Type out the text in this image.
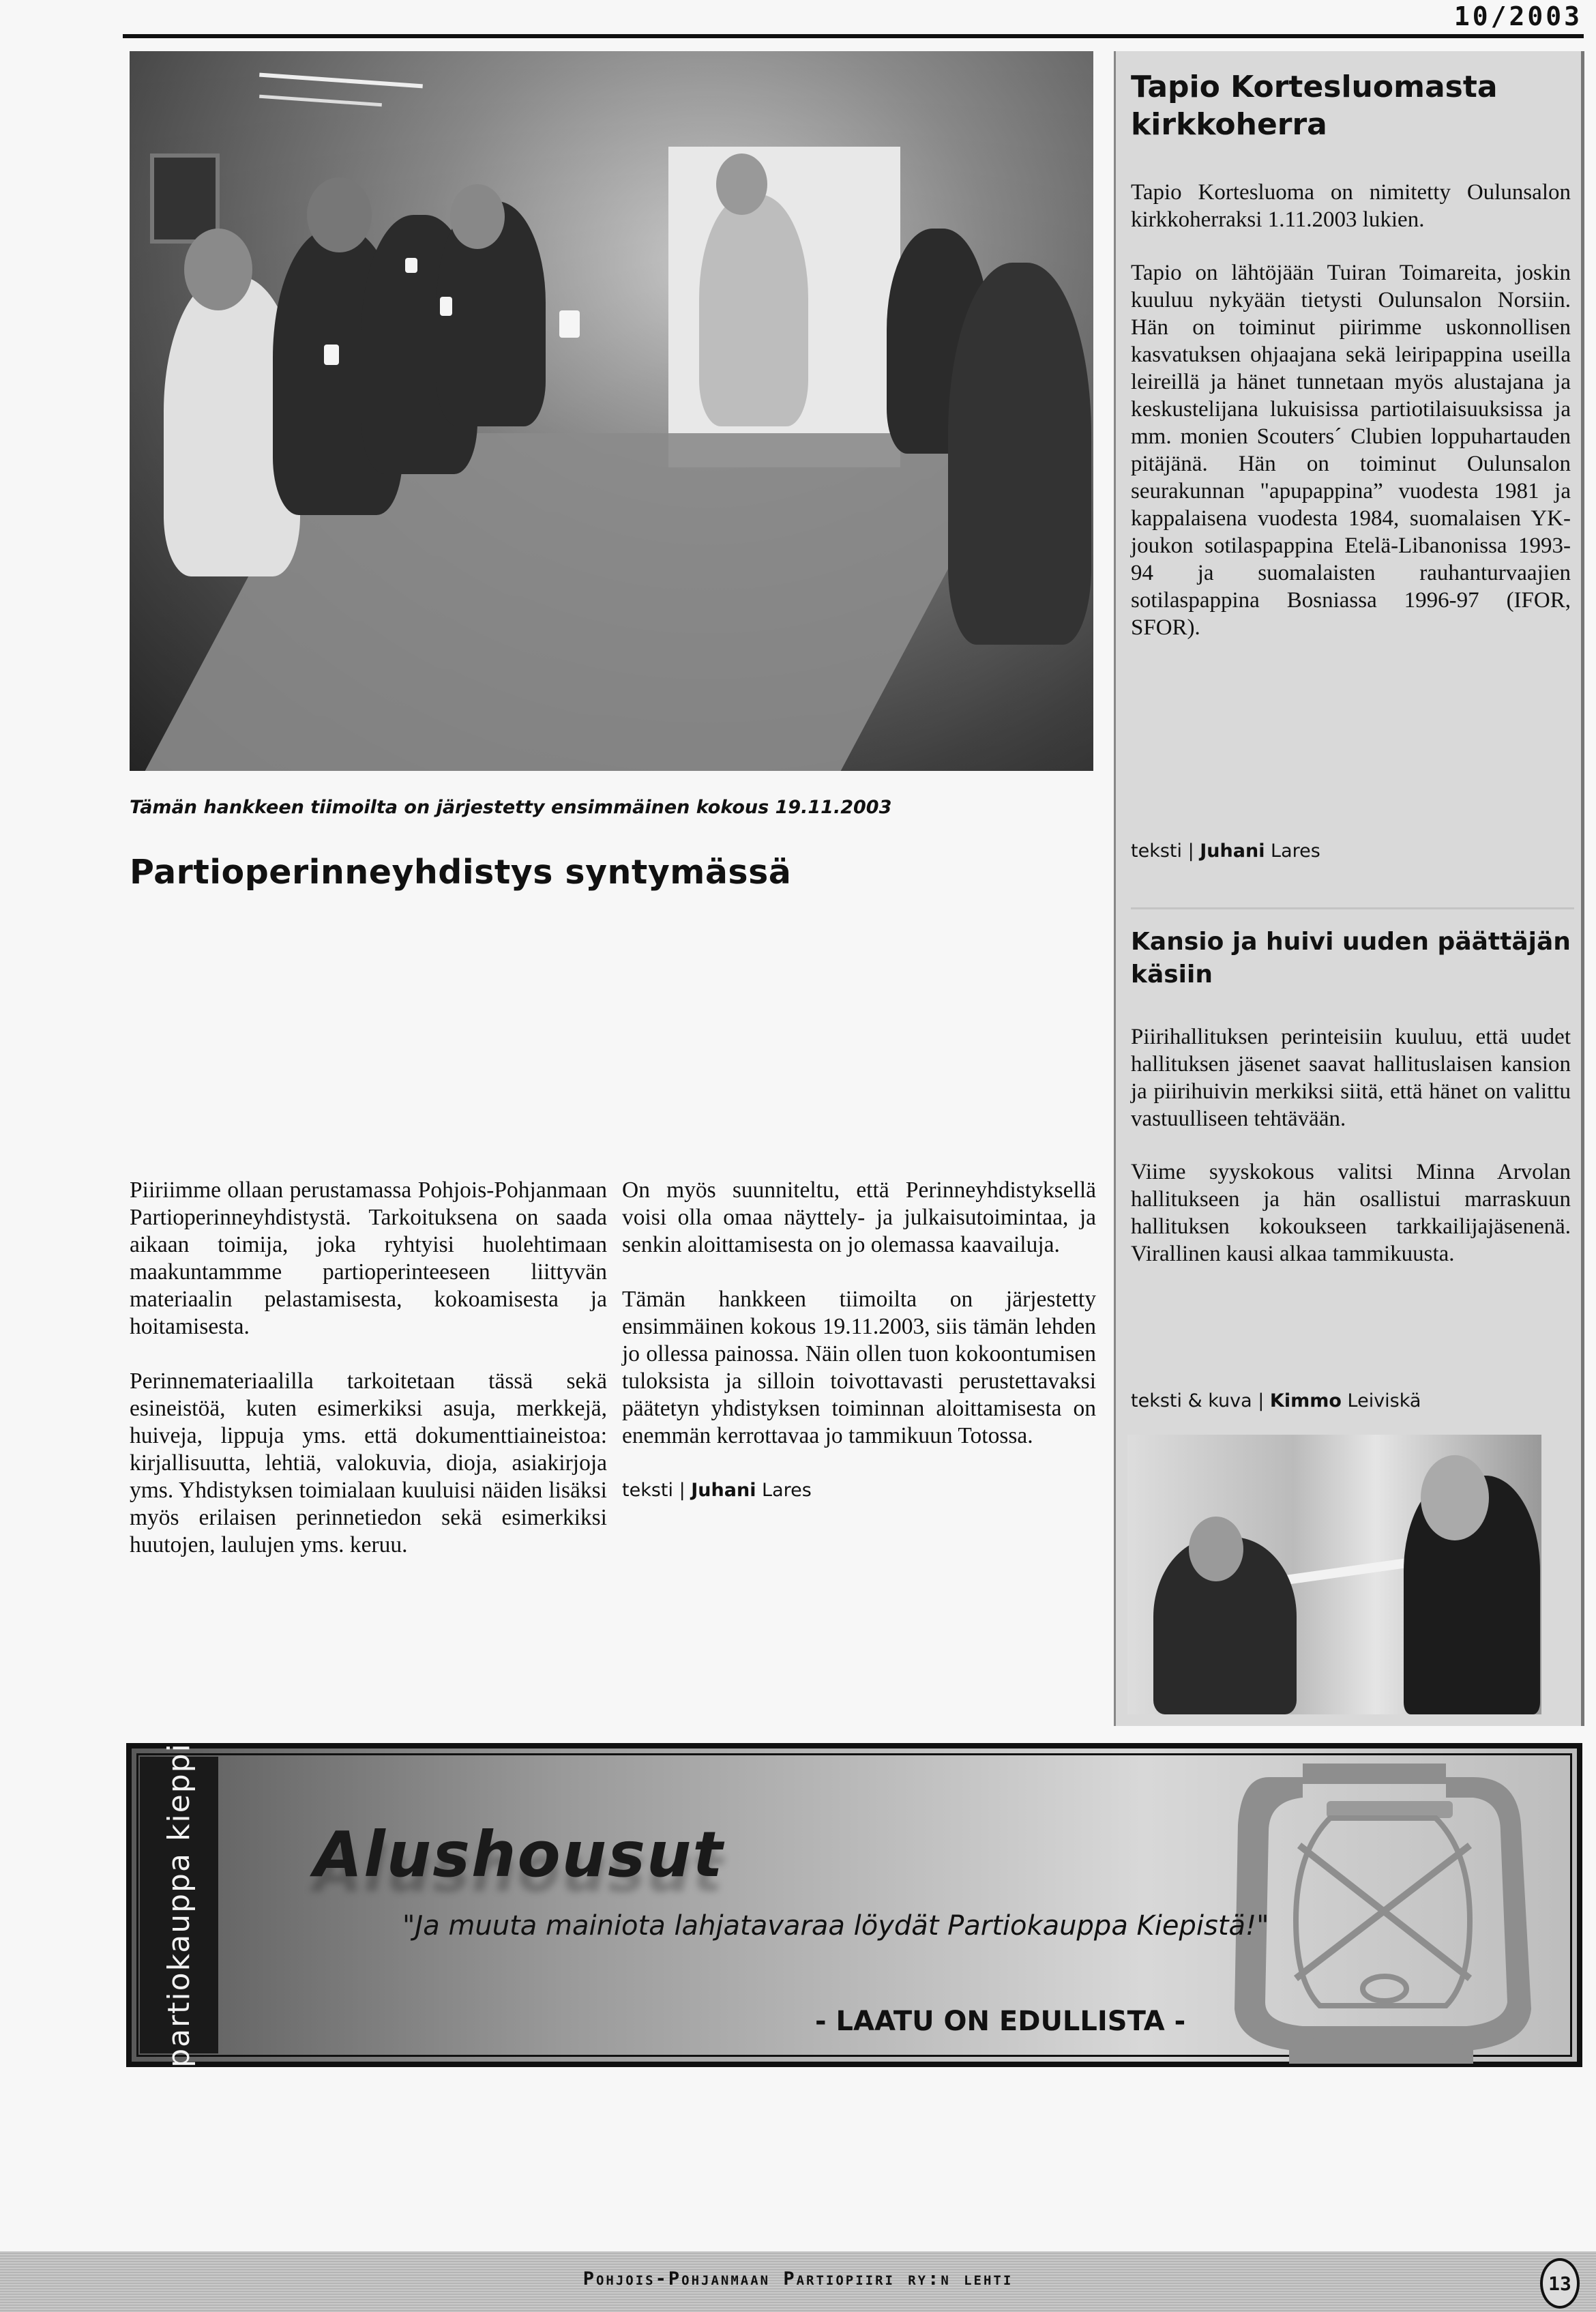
10/2003
Tämän hankkeen tiimoilta on järjestetty ensimmäinen kokous 19.11.2003
Partioperinneyhdistys syntymässä

Piiriimme ollaan perustamassa Pohjois-Pohjanmaan Partioperinneyhdistystä. Tarkoituksena on saada aikaan toimija, joka ryhtyisi huolehtimaan maakuntammme partioperinteeseen liittyvän materiaalin pelastamisesta, kokoamisesta ja hoitamisesta.

Perinnemateriaalilla tarkoitetaan tässä sekä esineistöä, kuten esimerkiksi asuja, merkkejä, huiveja, lippuja yms. että dokumenttiaineistoa: kirjallisuutta, lehtiä, valokuvia, dioja, asiakirjoja yms. Yhdistyksen toimialaan kuuluisi näiden lisäksi myös erilaisen perinnetiedon sekä esimerkiksi huutojen, laulujen yms. keruu.

On myös suunniteltu, että Perinneyhdistyksellä voisi olla omaa näyttely- ja julkaisutoimintaa, ja senkin aloittamisesta on jo olemassa kaavailuja.

Tämän hankkeen tiimoilta on järjestetty ensimmäinen kokous 19.11.2003, siis tämän lehden jo ollessa painossa. Näin ollen tuon kokoontumisen tuloksista ja silloin toivottavasti perustettavaksi päätetyn yhdistyksen toiminnan aloittamisesta on enemmän kerrottavaa jo tammikuun Totossa.

teksti | Juhani Lares
Tapio Kortesluomasta kirkkoherra

Tapio Kortesluoma on nimitetty Oulunsalon kirkkoherraksi 1.11.2003 lukien.

Tapio on lähtöjään Tuiran Toimareita, joskin kuuluu nykyään tietysti Oulunsalon Norsiin. Hän on toiminut piirimme uskonnollisen kasvatuksen ohjaajana sekä leiripappina useilla leireillä ja hänet tunnetaan myös alustajana ja keskustelijana lukuisissa partiotilaisuuksissa ja mm. monien Scouters´ Clubien loppuhartauden pitäjänä. Hän on toiminut Oulunsalon seurakunnan "apupappina” vuodesta 1981 ja kappalaisena vuodesta 1984, suomalaisen YK-joukon sotilaspappina Etelä-Libanonissa 1993-94 ja suomalaisten rauhanturvaajien sotilaspappina Bosniassa 1996-97 (IFOR, SFOR).

teksti | Juhani Lares
Kansio ja huivi uuden päättäjän käsiin

Piirihallituksen perinteisiin kuuluu, että uudet hallituksen jäsenet saavat hallituslaisen kansion ja piirihuivin merkiksi siitä, että hänet on valittu vastuulliseen tehtävään.

Viime syyskokous valitsi Minna Arvolan hallitukseen ja hän osallistui marraskuun hallituksen kokoukseen tarkkailijajäsenenä. Virallinen kausi alkaa tammikuusta.

teksti & kuva | Kimmo Leiviskä
partiokauppa kieppi Alushousut
"Ja muuta mainiota lahjatavaraa löydät Partiokauppa Kiepistä!"
- LAATU ON EDULLISTA -
Pohjois-Pohjanmaan Partiopiiri ry:n lehti	13
